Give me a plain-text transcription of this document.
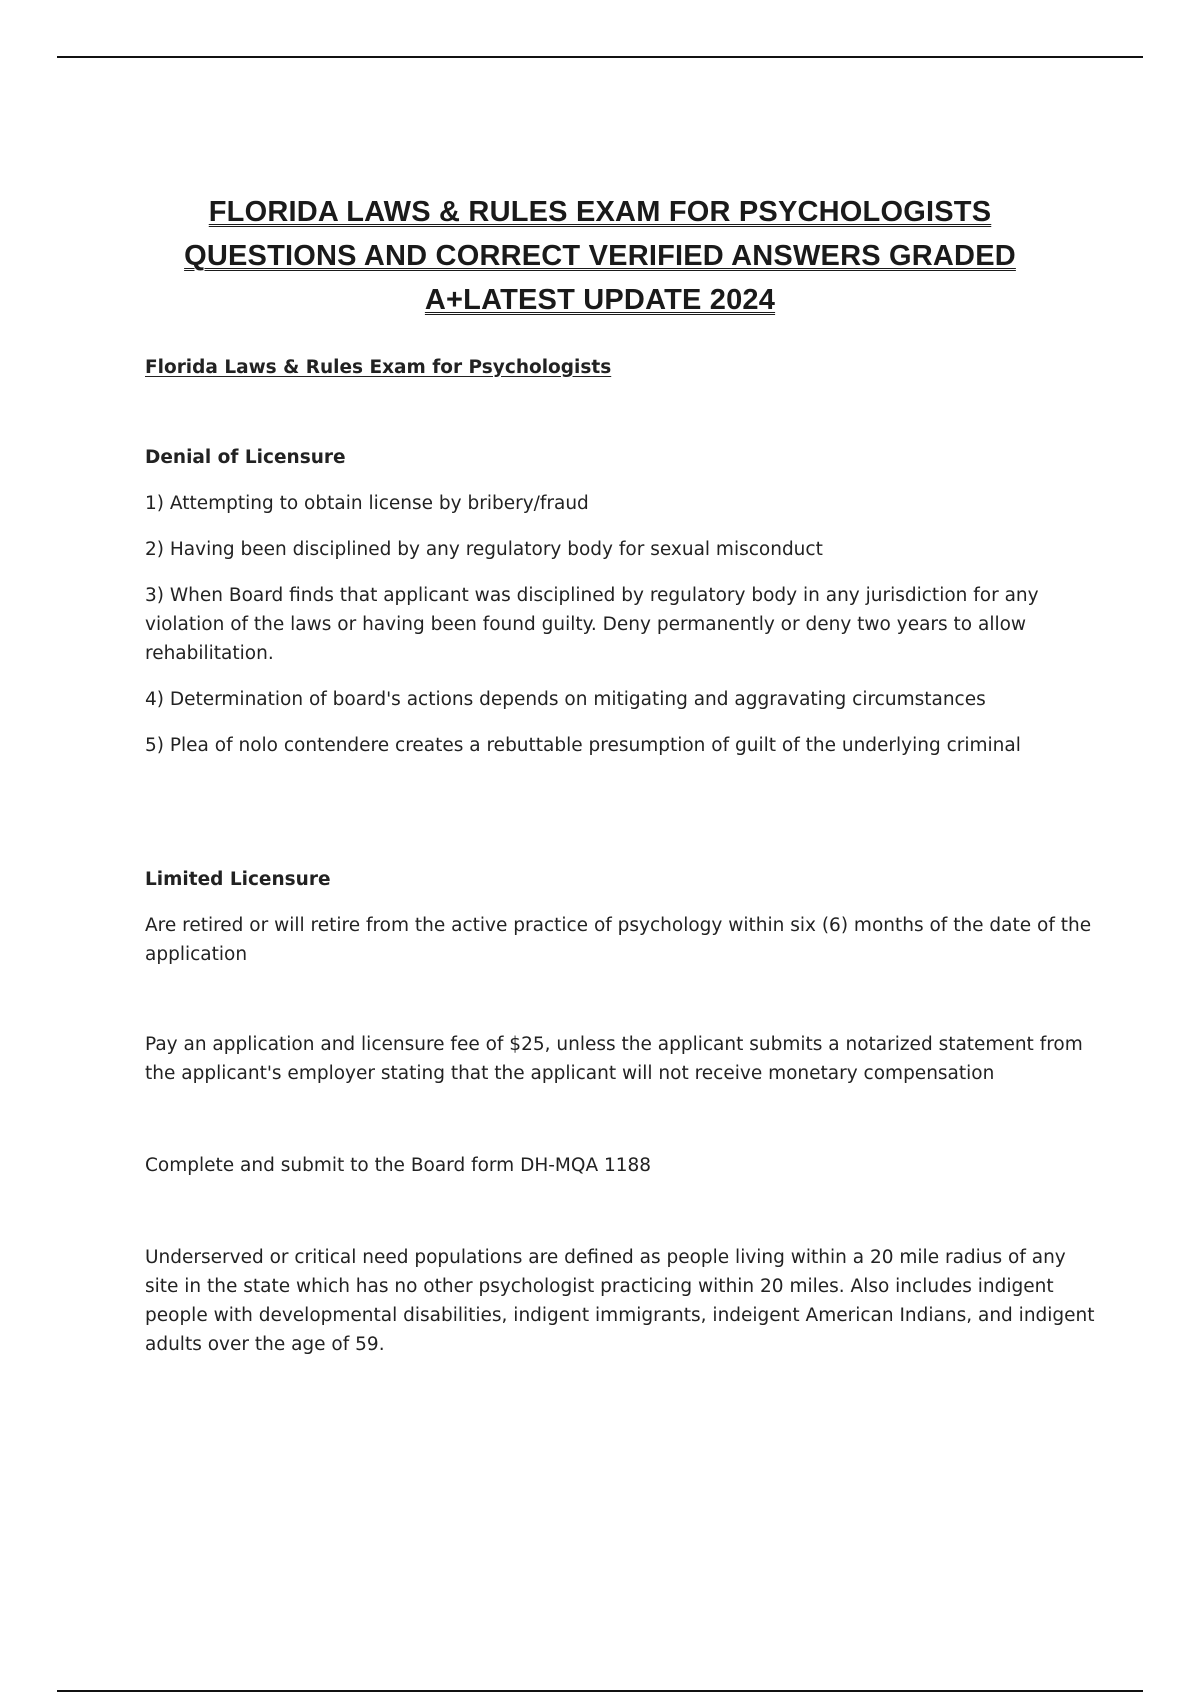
FLORIDA LAWS & RULES EXAM FOR PSYCHOLOGISTS
QUESTIONS AND CORRECT VERIFIED ANSWERS GRADED
A+LATEST UPDATE 2024

Florida Laws & Rules Exam for Psychologists

Denial of Licensure

1) Attempting to obtain license by bribery/fraud

2) Having been disciplined by any regulatory body for sexual misconduct

3) When Board finds that applicant was disciplined by regulatory body in any jurisdiction for any violation of the laws or having been found guilty. Deny permanently or deny two years to allow rehabilitation.

4) Determination of board's actions depends on mitigating and aggravating circumstances

5) Plea of nolo contendere creates a rebuttable presumption of guilt of the underlying criminal

Limited Licensure

Are retired or will retire from the active practice of psychology within six (6) months of the date of the application

Pay an application and licensure fee of $25, unless the applicant submits a notarized statement from the applicant's employer stating that the applicant will not receive monetary compensation

Complete and submit to the Board form DH-MQA 1188

Underserved or critical need populations are defined as people living within a 20 mile radius of any site in the state which has no other psychologist practicing within 20 miles. Also includes indigent people with developmental disabilities, indigent immigrants, indeigent American Indians, and indigent adults over the age of 59.
